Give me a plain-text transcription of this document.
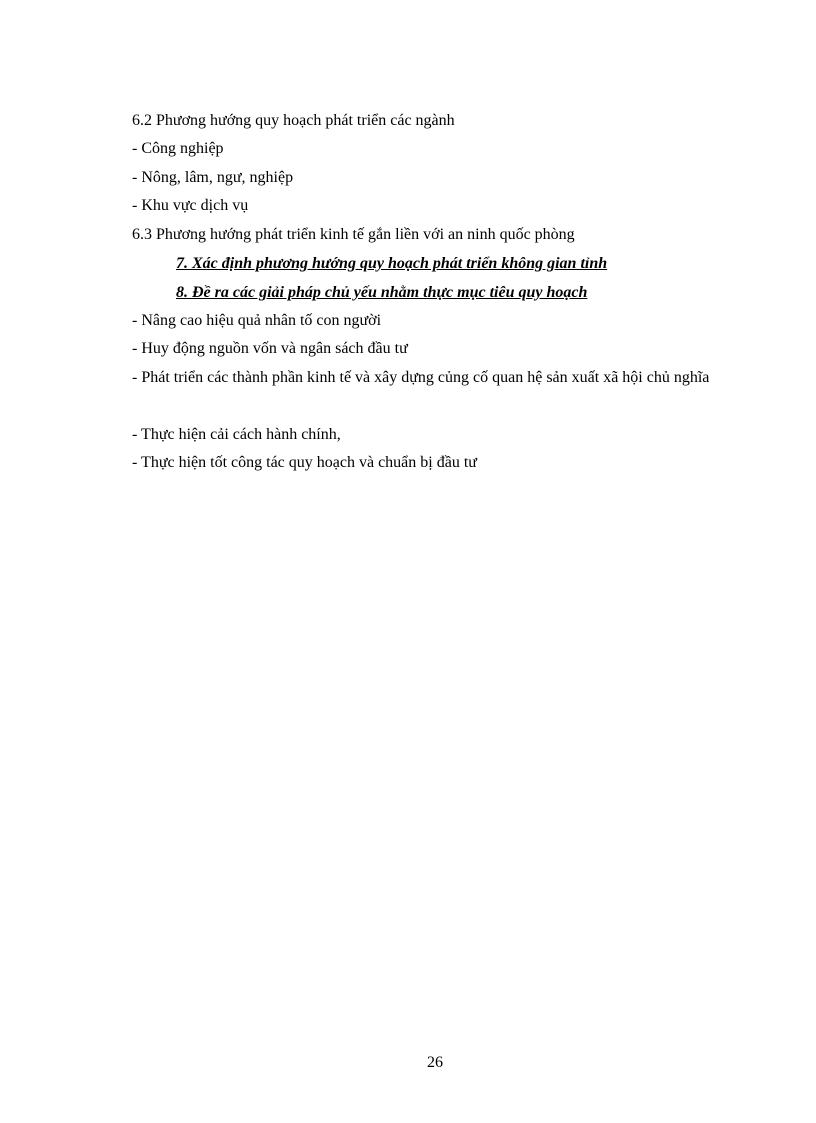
6.2 Phương hướng quy hoạch phát triển các ngành
- Công nghiệp
- Nông, lâm, ngư, nghiệp
- Khu vực dịch vụ
6.3 Phương hướng phát triển kinh tế gắn liền với an ninh quốc phòng
7. Xác định phương hướng quy hoạch phát triển không gian tỉnh
8. Đề ra các giải pháp chủ yếu nhằm thực mục tiêu quy hoạch
- Nâng cao hiệu quả nhân tố con người
- Huy động nguồn vốn và ngân sách đầu tư
- Phát triển các thành phần kinh tế và xây dựng củng cố quan hệ sản xuất xã hội chủ nghĩa
- Thực hiện cải cách hành chính,
- Thực hiện tốt công tác quy hoạch và chuẩn bị đầu tư
26
